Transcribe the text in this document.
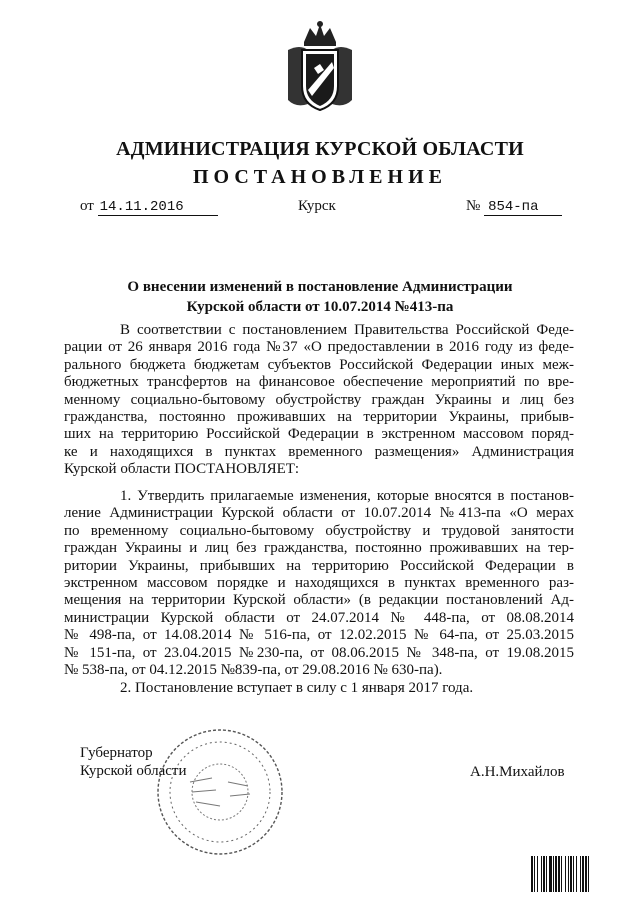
АДМИНИСТРАЦИЯ КУРСКОЙ ОБЛАСТИ
ПОСТАНОВЛЕНИЕ
от 14.11.2016	Курск	№ 854-па
О внесении изменений в постановление Администрации
Курской области от 10.07.2014 №413-па
В соответствии с постановлением Правительства Российской Феде-
рации от 26 января 2016 года №37 «О предоставлении в 2016 году из феде-
рального бюджета бюджетам субъектов Российской Федерации иных меж-
бюджетных трансфертов на финансовое обеспечение мероприятий по вре-
менному социально-бытовому обустройству граждан Украины и лиц без
гражданства, постоянно проживавших на территории Украины, прибыв-
ших на территорию Российской Федерации в экстренном массовом поряд-
ке и находящихся в пунктах временного размещения» Администрация
Курской области ПОСТАНОВЛЯЕТ:
1. Утвердить прилагаемые изменения, которые вносятся в постанов-
ление Администрации Курской области от 10.07.2014 №413-па «О мерах
по временному социально-бытовому обустройству и трудовой занятости
граждан Украины и лиц без гражданства, постоянно проживавших на тер-
ритории Украины, прибывших на территорию Российской Федерации в
экстренном массовом порядке и находящихся в пунктах временного раз-
мещения на территории Курской области» (в редакции постановлений Ад-
министрации Курской области от 24.07.2014 № 448-па, от 08.08.2014
№ 498-па, от 14.08.2014 № 516-па, от 12.02.2015 № 64-па, от 25.03.2015
№ 151-па, от 23.04.2015 №230-па, от 08.06.2015 № 348-па, от 19.08.2015
№ 538-па, от 04.12.2015 №839-па, от 29.08.2016 № 630-па).
2. Постановление вступает в силу с 1 января 2017 года.
Губернатор
Курской области	А.Н.Михайлов
